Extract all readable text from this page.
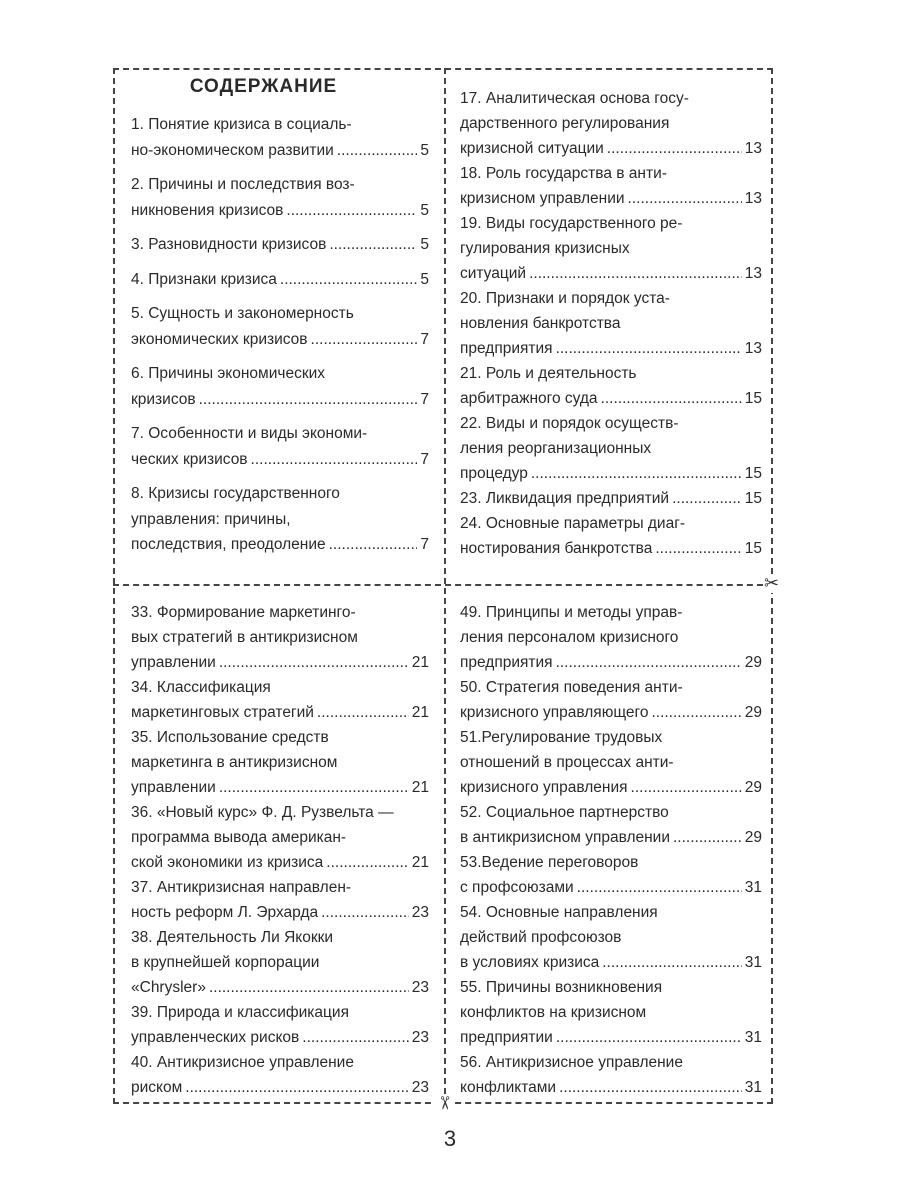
✂
✂
СОДЕРЖАНИЕ
1. Понятие кризиса в социаль-
но-экономическом развитии .....	5
2. Причины и последствия воз-
никновения кризисов .....	5
3. Разновидности кризисов .....	5
4. Признаки кризиса .....	5
5. Сущность и закономерность
экономических кризисов .....	7
6. Причины экономических
кризисов .....	7
7. Особенности и виды экономи-
ческих кризисов .....	7
8. Кризисы государственного
управления: причины,
последствия, преодоление .....	7
17. Аналитическая основа госу-
дарственного регулирования
кризисной ситуации .....	13
18. Роль государства в анти-
кризисном управлении .....	13
19. Виды государственного ре-
гулирования кризисных
ситуаций .....	13
20. Признаки и порядок уста-
новления банкротства
предприятия .....	13
21. Роль и деятельность
арбитражного суда .....	15
22. Виды и порядок осуществ-
ления реорганизационных
процедур .....	15
23. Ликвидация предприятий .....	15
24. Основные параметры диаг-
ностирования банкротства .....	15
33. Формирование маркетинго-
вых стратегий в антикризисном
управлении .....	21
34. Классификация
маркетинговых стратегий .....	21
35. Использование средств
маркетинга в антикризисном
управлении .....	21
36. «Новый курс» Ф. Д. Рузвельта —
программа вывода американ-
ской экономики из кризиса .....	21
37. Антикризисная направлен-
ность реформ Л. Эрхарда .....	23
38. Деятельность Ли Якокки
в крупнейшей корпорации
«Chrysler» .....	23
39. Природа и классификация
управленческих рисков .....	23
40. Антикризисное управление
риском .....	23
49. Принципы и методы управ-
ления персоналом кризисного
предприятия .....	29
50. Стратегия поведения анти-
кризисного управляющего .....	29
51.Регулирование трудовых
отношений в процессах анти-
кризисного управления .....	29
52. Социальное партнерство
в антикризисном управлении .....	29
53.Ведение переговоров
с профсоюзами .....	31
54. Основные направления
действий профсоюзов
в условиях кризиса .....	31
55. Причины возникновения
конфликтов на кризисном
предприятии .....	31
56. Антикризисное управление
конфликтами .....	31
3
